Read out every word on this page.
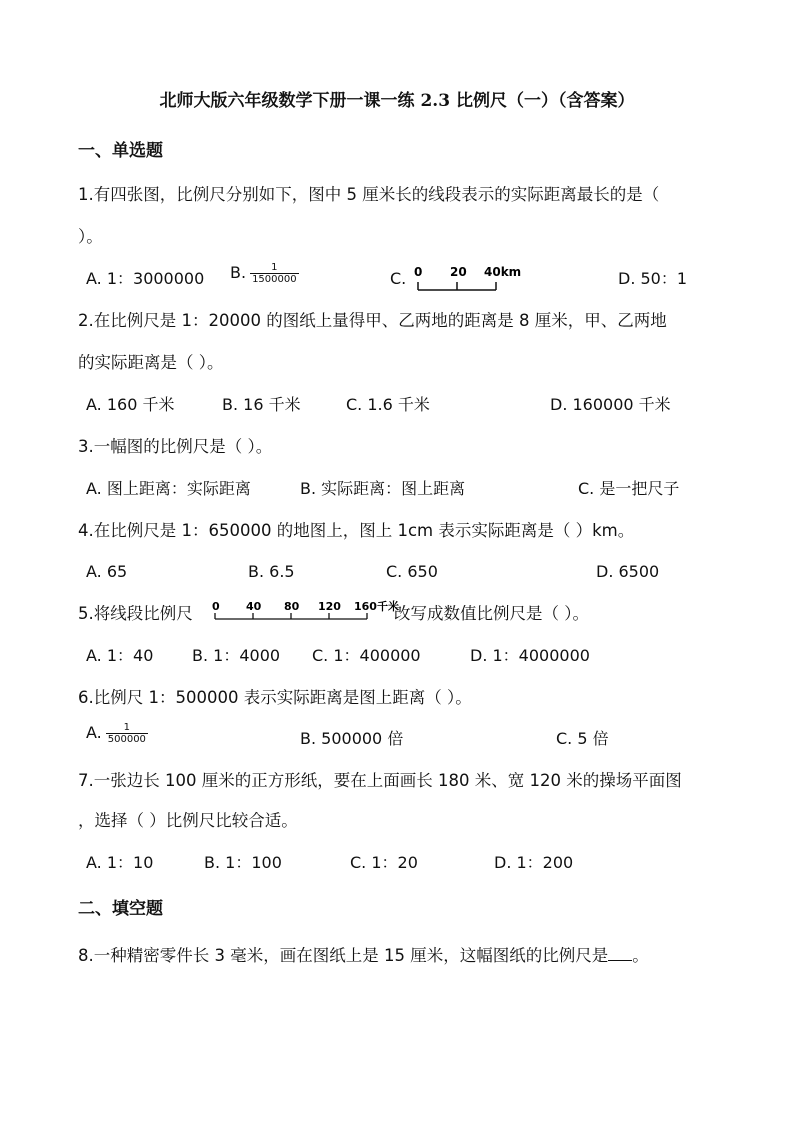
北师大版六年级数学下册一课一练 2.3 比例尺（一）（含答案）
一、单选题
1.有四张图，比例尺分别如下，图中 5 厘米长的线段表示的实际距离最长的是（
）。
A. 1：3000000 B. $\frac{1}{1500000}$	C. 0 20 40km	D. 50：1
2.在比例尺是 1：20000 的图纸上量得甲、乙两地的距离是 8 厘米，甲、乙两地
的实际距离是（ ）。
A. 160 千米	B. 16 千米	C. 1.6 千米	D. 160000 千米
3.一幅图的比例尺是（ ）。
A. 图上距离：实际距离	B. 实际距离：图上距离	C. 是一把尺子
4.在比例尺是 1：650000 的地图上，图上 1cm 表示实际距离是（ ）km。
A. 65	B. 6.5	C. 650	D. 6500
5.将线段比例尺 0 40 80 120 160千米
改写成数值比例尺是（ ）。
A. 1：40 B. 1：4000 C. 1：400000	D. 1：4000000
6.比例尺 1：500000 表示实际距离是图上距离（ ）。
A. $\frac{1}{500000}$	B. 500000 倍	C. 5 倍
7.一张边长 100 厘米的正方形纸，要在上面画长 180 米、宽 120 米的操场平面图
，选择（ ）比例尺比较合适。
A. 1：10	B. 1：100	C. 1：20	D. 1：200
二、填空题
8.一种精密零件长 3 毫米，画在图纸上是 15 厘米，这幅图纸的比例尺是 。
